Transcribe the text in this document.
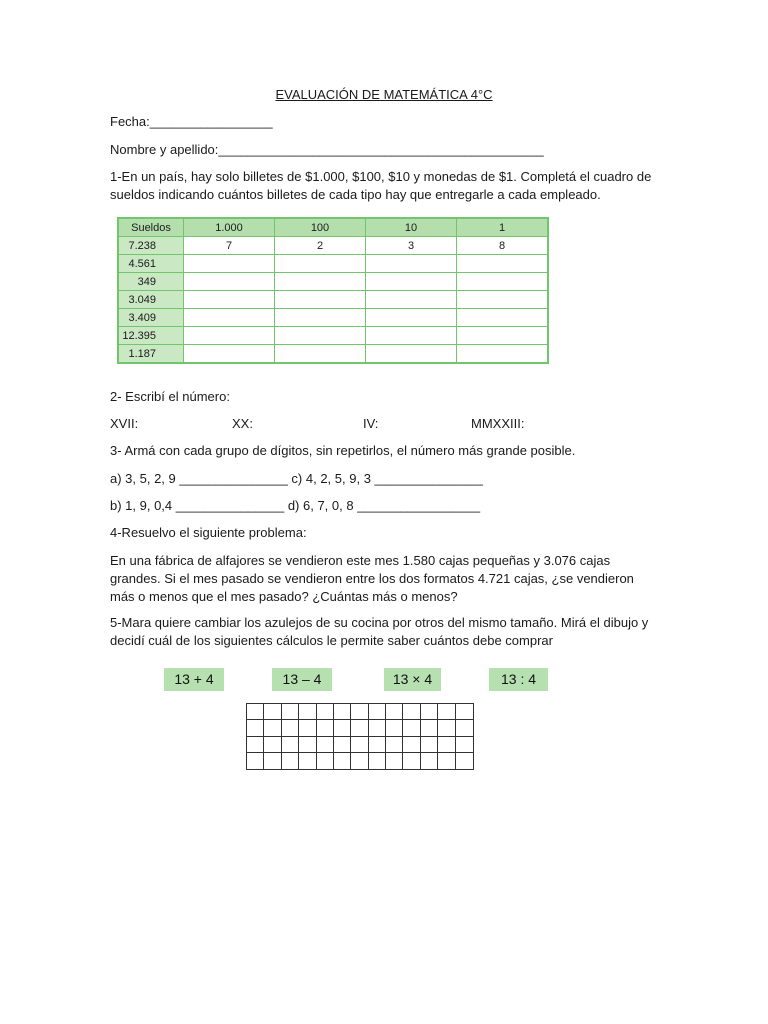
EVALUACIÓN DE MATEMÁTICA 4°C
Fecha:_________________
Nombre y apellido:_____________________________________________
1-En un país, hay solo billetes de $1.000, $100, $10 y monedas de $1. Completá el cuadro de sueldos indicando cuántos billetes de cada tipo hay que entregarle a cada empleado.
Sueldos	1.000	100	10	1
7.238	7	2	3	8
4.561				
349				
3.049				
3.409				
12.395				
1.187				
2- Escribí el número:
XVII:	XX:	IV:	MMXXIII:
3- Armá con cada grupo de dígitos, sin repetirlos, el número más grande posible.
a) 3, 5, 2, 9 _______________ c) 4, 2, 5, 9, 3 _______________
b) 1, 9, 0,4 _______________ d) 6, 7, 0, 8 _________________
4-Resuelvo el siguiente problema:
En una fábrica de alfajores se vendieron este mes 1.580 cajas pequeñas y 3.076 cajas grandes. Si el mes pasado se vendieron entre los dos formatos 4.721 cajas, ¿se vendieron más o menos que el mes pasado? ¿Cuántas más o menos?
5-Mara quiere cambiar los azulejos de su cocina por otros del mismo tamaño. Mirá el dibujo y decidí cuál de los siguientes cálculos le permite saber cuántos debe comprar
13 + 4	13 – 4	13 × 4	13 : 4
